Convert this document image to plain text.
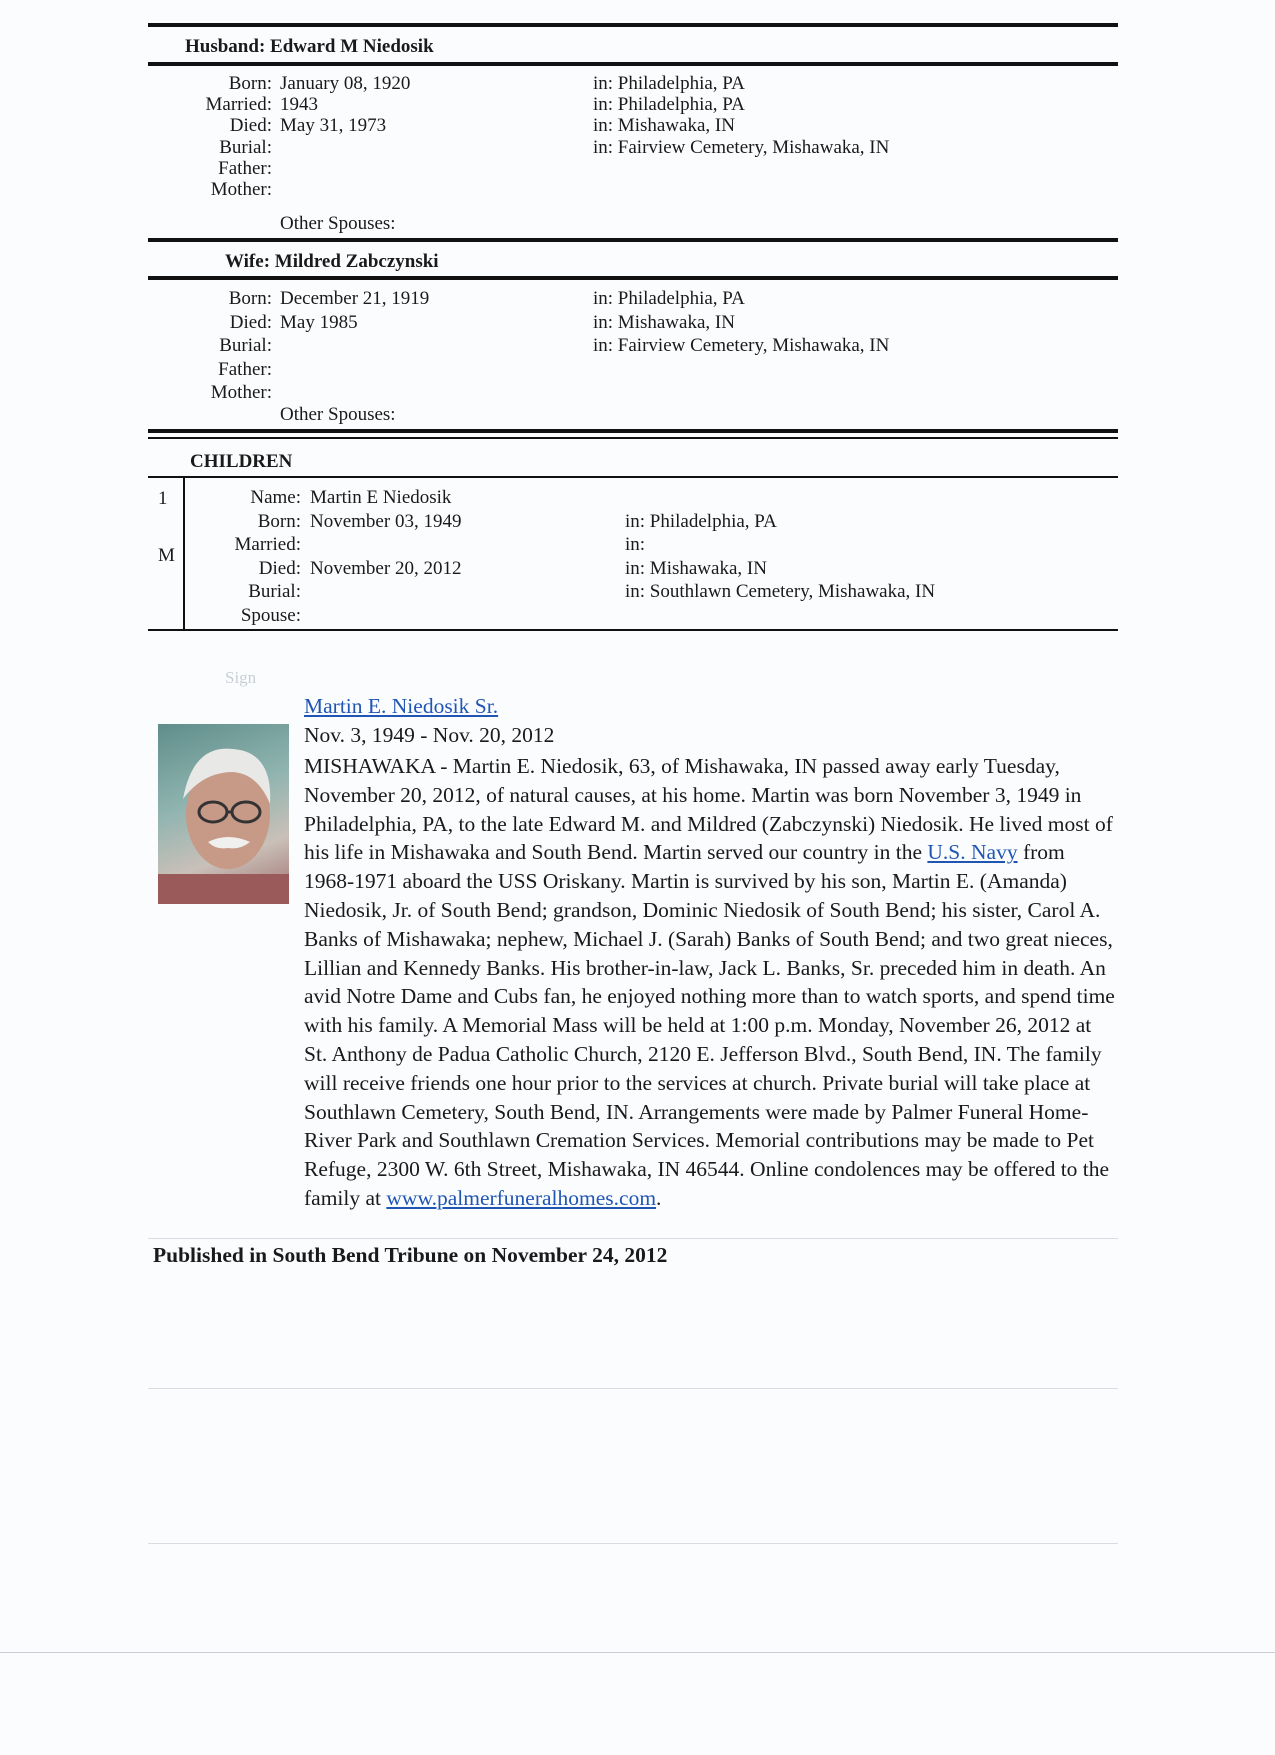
Husband: Edward M Niedosik
Born: January 08, 1920	in: Philadelphia, PA
Married: 1943	in: Philadelphia, PA
Died: May 31, 1973	in: Mishawaka, IN
Burial:	in: Fairview Cemetery, Mishawaka, IN
Father:
Mother:
Other Spouses:
Wife: Mildred Zabczynski
Born: December 21, 1919	in: Philadelphia, PA
Died: May 1985	in: Mishawaka, IN
Burial:	in: Fairview Cemetery, Mishawaka, IN
Father:
Mother:
Other Spouses:
CHILDREN
1
M
Name: Martin E Niedosik
Born: November 03, 1949	in: Philadelphia, PA
Married:	in:
Died: November 20, 2012	in: Mishawaka, IN
Burial:	in: Southlawn Cemetery, Mishawaka, IN
Spouse:
Sign
Martin E. Niedosik Sr.
Nov. 3, 1949 - Nov. 20, 2012
MISHAWAKA - Martin E. Niedosik, 63, of Mishawaka, IN passed away early Tuesday, November 20, 2012, of natural causes, at his home. Martin was born November 3, 1949 in Philadelphia, PA, to the late Edward M. and Mildred (Zabczynski) Niedosik. He lived most of his life in Mishawaka and South Bend. Martin served our country in the U.S. Navy from 1968-1971 aboard the USS Oriskany. Martin is survived by his son, Martin E. (Amanda) Niedosik, Jr. of South Bend; grandson, Dominic Niedosik of South Bend; his sister, Carol A. Banks of Mishawaka; nephew, Michael J. (Sarah) Banks of South Bend; and two great nieces, Lillian and Kennedy Banks. His brother-in-law, Jack L. Banks, Sr. preceded him in death. An avid Notre Dame and Cubs fan, he enjoyed nothing more than to watch sports, and spend time with his family. A Memorial Mass will be held at 1:00 p.m. Monday, November 26, 2012 at St. Anthony de Padua Catholic Church, 2120 E. Jefferson Blvd., South Bend, IN. The family will receive friends one hour prior to the services at church. Private burial will take place at Southlawn Cemetery, South Bend, IN. Arrangements were made by Palmer Funeral Home-River Park and Southlawn Cremation Services. Memorial contributions may be made to Pet Refuge, 2300 W. 6th Street, Mishawaka, IN 46544. Online condolences may be offered to the family at www.palmerfuneralhomes.com.
Published in South Bend Tribune on November 24, 2012
